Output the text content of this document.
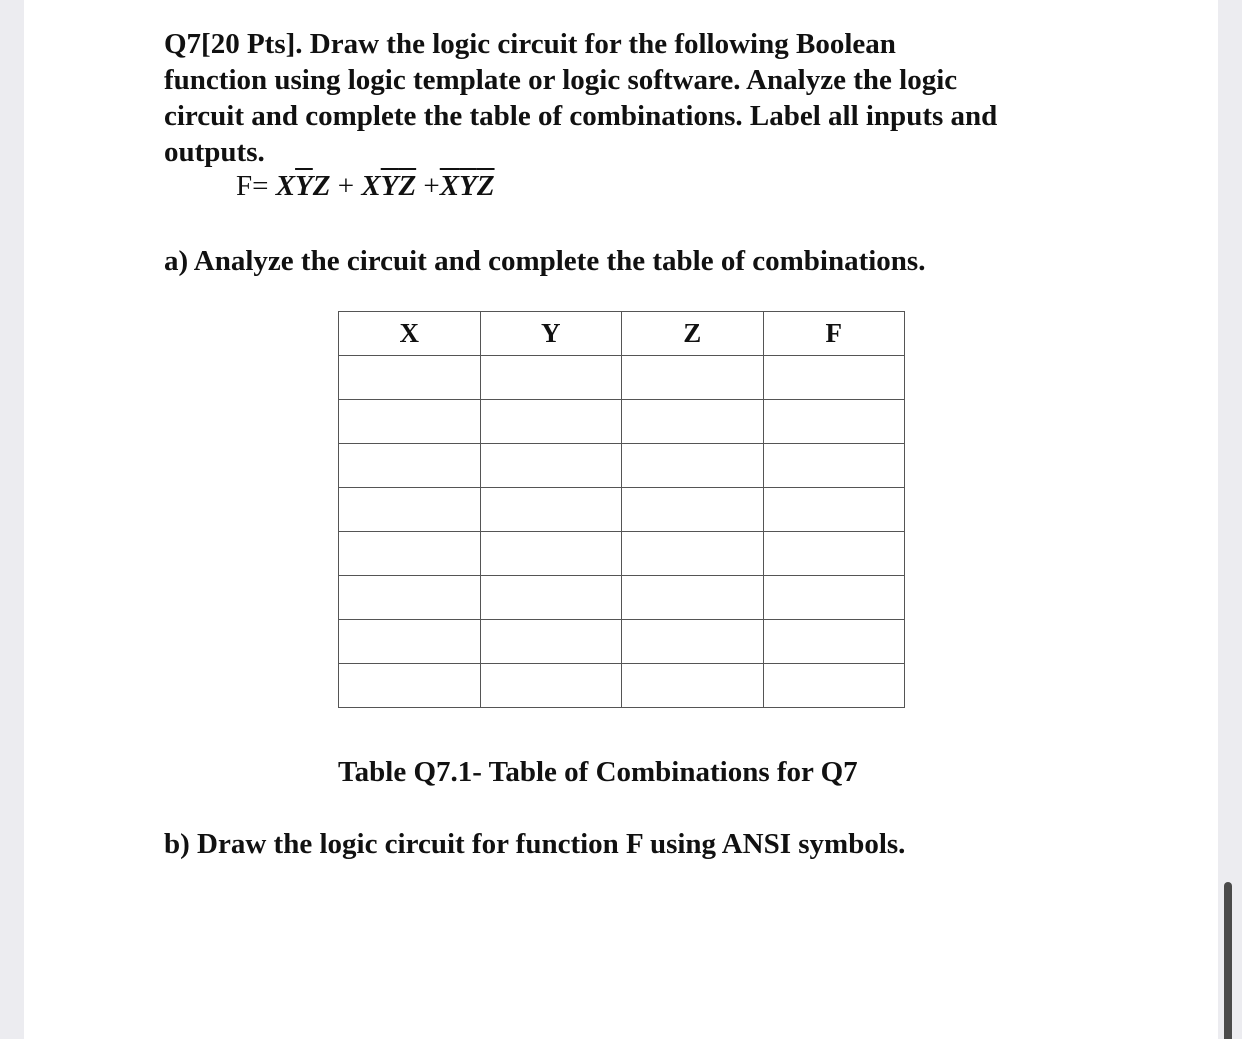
Q7[20 Pts]. Draw the logic circuit for the following Boolean
function using logic template or logic software. Analyze the logic
circuit and complete the table of combinations. Label all inputs and
outputs.
$F= X\overline{Y}Z + X\overline{Y}\overline{Z} +\overline{X}\overline{Y}\overline{Z}$
a) Analyze the circuit and complete the table of combinations.
X	Y	Z	F

Table Q7.1- Table of Combinations for Q7
b) Draw the logic circuit for function F using ANSI symbols.
